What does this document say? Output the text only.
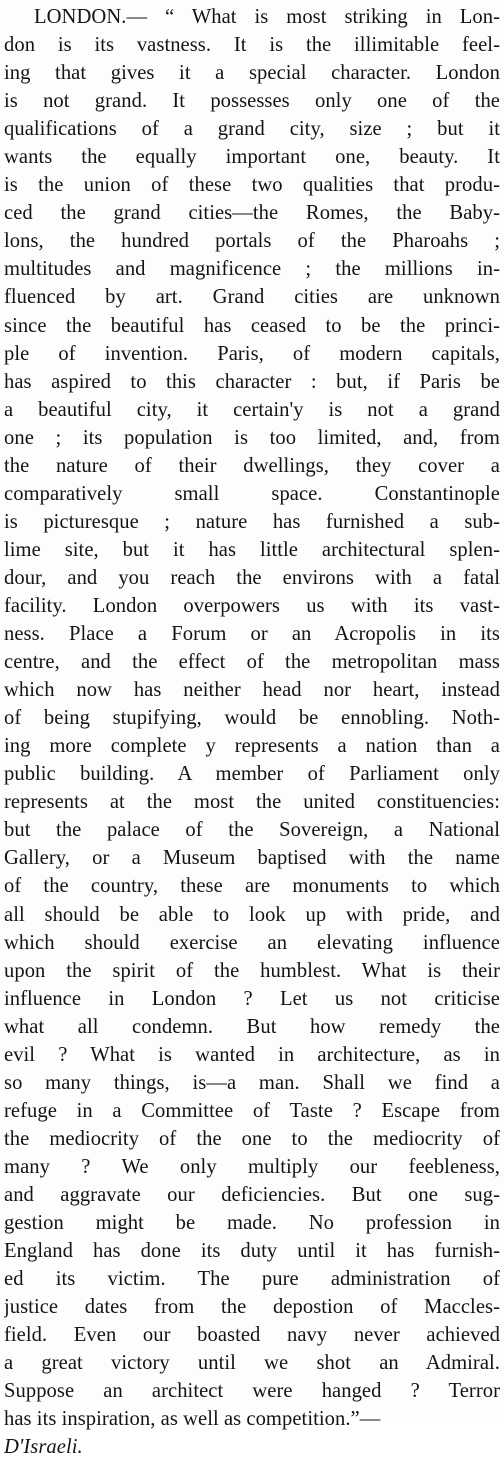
LONDON.— “ What is most striking in Lon-
don is its vastness. It is the illimitable feel-
ing that gives it a special character. London
is not grand. It possesses only one of the
qualifications of a grand city, size ; but it
wants the equally important one, beauty. It
is the union of these two qualities that produ-
ced the grand cities—the Romes, the Baby-
lons, the hundred portals of the Pharoahs ;
multitudes and magnificence ; the millions in-
fluenced by art. Grand cities are unknown
since the beautiful has ceased to be the princi-
ple of invention. Paris, of modern capitals,
has aspired to this character : but, if Paris be
a beautiful city, it certain'y is not a grand
one ; its population is too limited, and, from
the nature of their dwellings, they cover a
comparatively small space. Constantinople
is picturesque ; nature has furnished a sub-
lime site, but it has little architectural splen-
dour, and you reach the environs with a fatal
facility. London overpowers us with its vast-
ness. Place a Forum or an Acropolis in its
centre, and the effect of the metropolitan mass
which now has neither head nor heart, instead
of being stupifying, would be ennobling. Noth-
ing more complete y represents a nation than a
public building. A member of Parliament only
represents at the most the united constituencies:
but the palace of the Sovereign, a National
Gallery, or a Museum baptised with the name
of the country, these are monuments to which
all should be able to look up with pride, and
which should exercise an elevating influence
upon the spirit of the humblest. What is their
influence in London ? Let us not criticise
what all condemn. But how remedy the
evil ? What is wanted in architecture, as in
so many things, is—a man. Shall we find a
refuge in a Committee of Taste ? Escape from
the mediocrity of the one to the mediocrity of
many ? We only multiply our feebleness,
and aggravate our deficiencies. But one sug-
gestion might be made. No profession in
England has done its duty until it has furnish-
ed its victim. The pure administration of
justice dates from the depostion of Maccles-
field. Even our boasted navy never achieved
a great victory until we shot an Admiral.
Suppose an architect were hanged ? Terror
has its inspiration, as well as competition.”—
D'Israeli.
